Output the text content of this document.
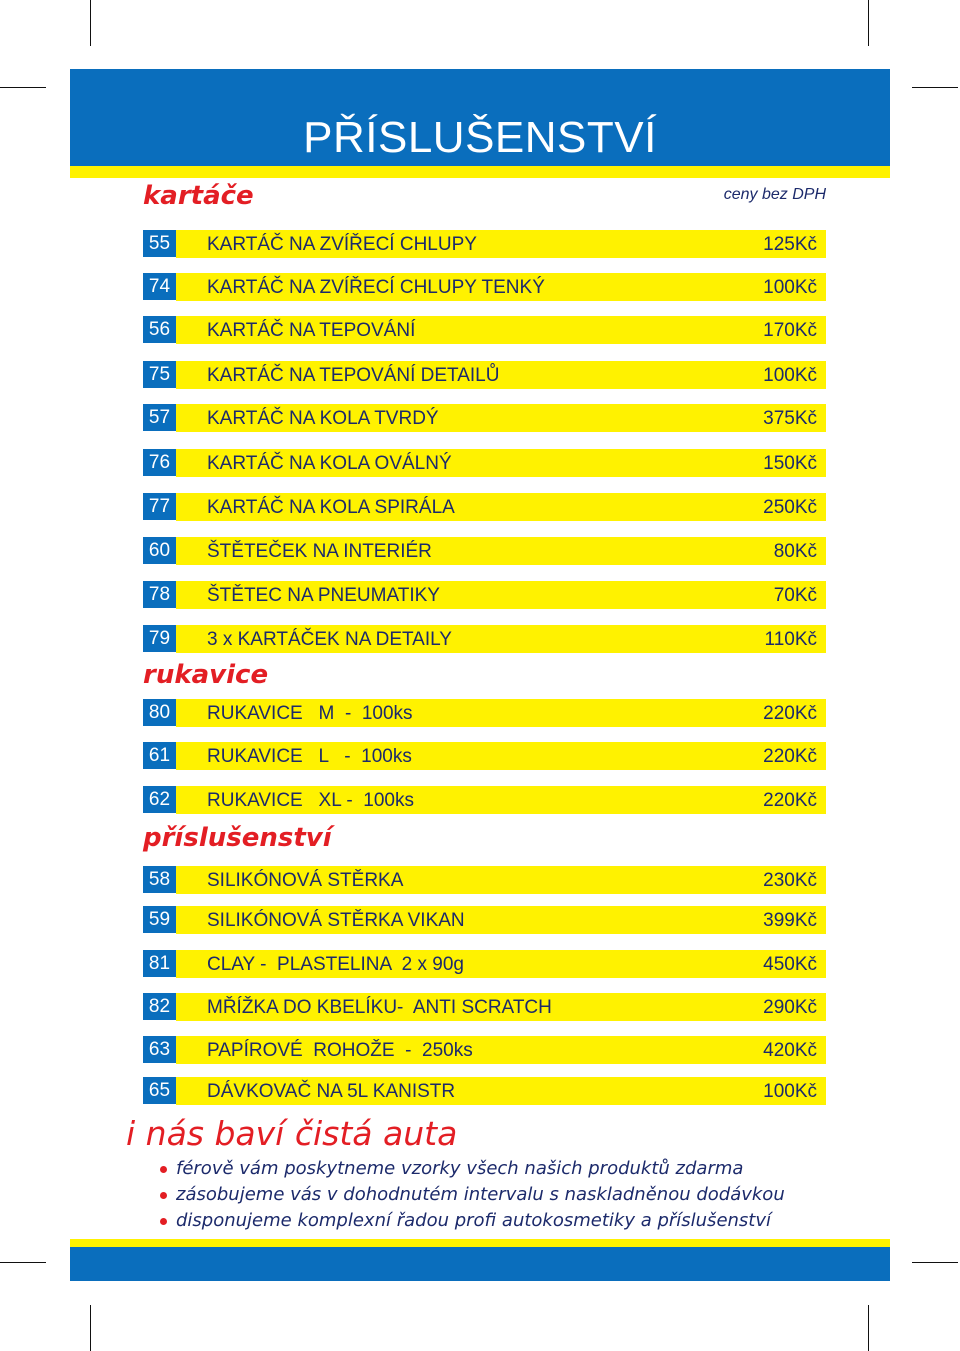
PŘÍSLUŠENSTVÍ
ceny bez DPH
kartáče
55	KARTÁČ NA ZVÍŘECÍ CHLUPY	125Kč
74	KARTÁČ NA ZVÍŘECÍ CHLUPY TENKÝ	100Kč
56	KARTÁČ NA TEPOVÁNÍ	170Kč
75	KARTÁČ NA TEPOVÁNÍ DETAILŮ	100Kč
57	KARTÁČ NA KOLA TVRDÝ	375Kč
76	KARTÁČ NA KOLA OVÁLNÝ	150Kč
77	KARTÁČ NA KOLA SPIRÁLA	250Kč
60	ŠTĚTEČEK NA INTERIÉR	80Kč
78	ŠTĚTEC NA PNEUMATIKY	70Kč
79	3 x KARTÁČEK NA DETAILY	110Kč
rukavice
80	RUKAVICE   M  -  100ks	220Kč
61	RUKAVICE   L   -  100ks	220Kč
62	RUKAVICE   XL -  100ks	220Kč
příslušenství
58	SILIKÓNOVÁ STĚRKA	230Kč
59	SILIKÓNOVÁ STĚRKA VIKAN	399Kč
81	CLAY -  PLASTELINA  2 x 90g	450Kč
82	MŘÍŽKA DO KBELÍKU-  ANTI SCRATCH	290Kč
63	PAPÍROVÉ  ROHOŽE  -  250ks	420Kč
65	DÁVKOVAČ NA 5L KANISTR	100Kč
i nás baví čistá auta
férově vám poskytneme vzorky všech našich produktů zdarma
zásobujeme vás v dohodnutém intervalu s naskladněnou dodávkou
disponujeme komplexní řadou profi autokosmetiky a příslušenství
